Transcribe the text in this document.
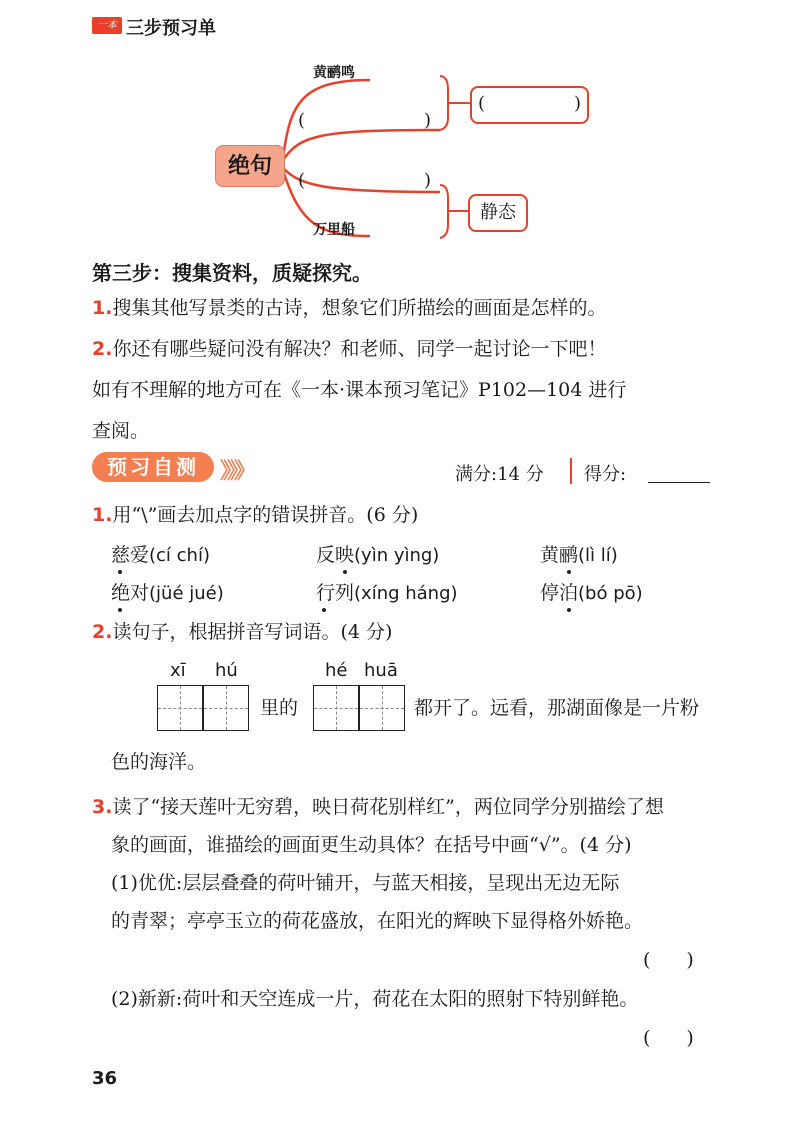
一本 三步预习单
黄鹂鸣
(	)
(	)
万里船
绝句
(	)
静态
第三步：搜集资料，质疑探究。
1.搜集其他写景类的古诗，想象它们所描绘的画面是怎样的。
2.你还有哪些疑问没有解决？和老师、同学一起讨论一下吧！
如有不理解的地方可在《一本·课本预习笔记》P102—104 进行
查阅。
预习自测 》》》	满分:14 分 得分:
1.用“\”画去加点字的错误拼音。(6 分)
慈爱(cí chí)	反映(yìn yìng)	黄鹂(lì lí)
绝对(jüé jué)	行列(xíng háng)	停泊(bó pō)
2.读句子，根据拼音写词语。(4 分)
xī hú	hé huā
里的	都开了。远看，那湖面像是一片粉
色的海洋。
3.读了“接天莲叶无穷碧，映日荷花别样红”，两位同学分别描绘了想
象的画面，谁描绘的画面更生动具体？在括号中画“√”。(4 分)
(1)优优:层层叠叠的荷叶铺开，与蓝天相接，呈现出无边无际
的青翠；亭亭玉立的荷花盛放，在阳光的辉映下显得格外娇艳。
( )
(2)新新:荷叶和天空连成一片，荷花在太阳的照射下特别鲜艳。
( )
36
